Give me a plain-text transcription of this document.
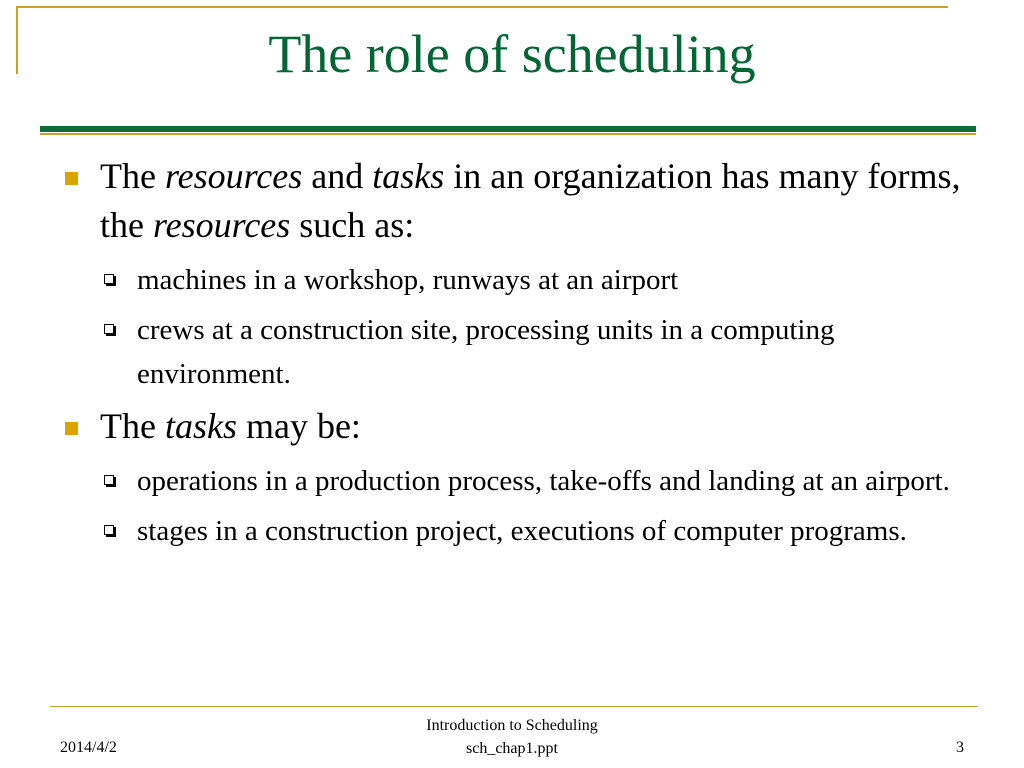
The role of scheduling
The resources and tasks in an organization has many forms, the resources such as:
machines in a workshop, runways at an airport
crews at a construction site, processing units in a computing environment.
The tasks may be:
operations in a production process, take-offs and landing at an airport.
stages in a construction project, executions of computer programs.
2014/4/2
Introduction to Scheduling
sch_chap1.ppt	3
